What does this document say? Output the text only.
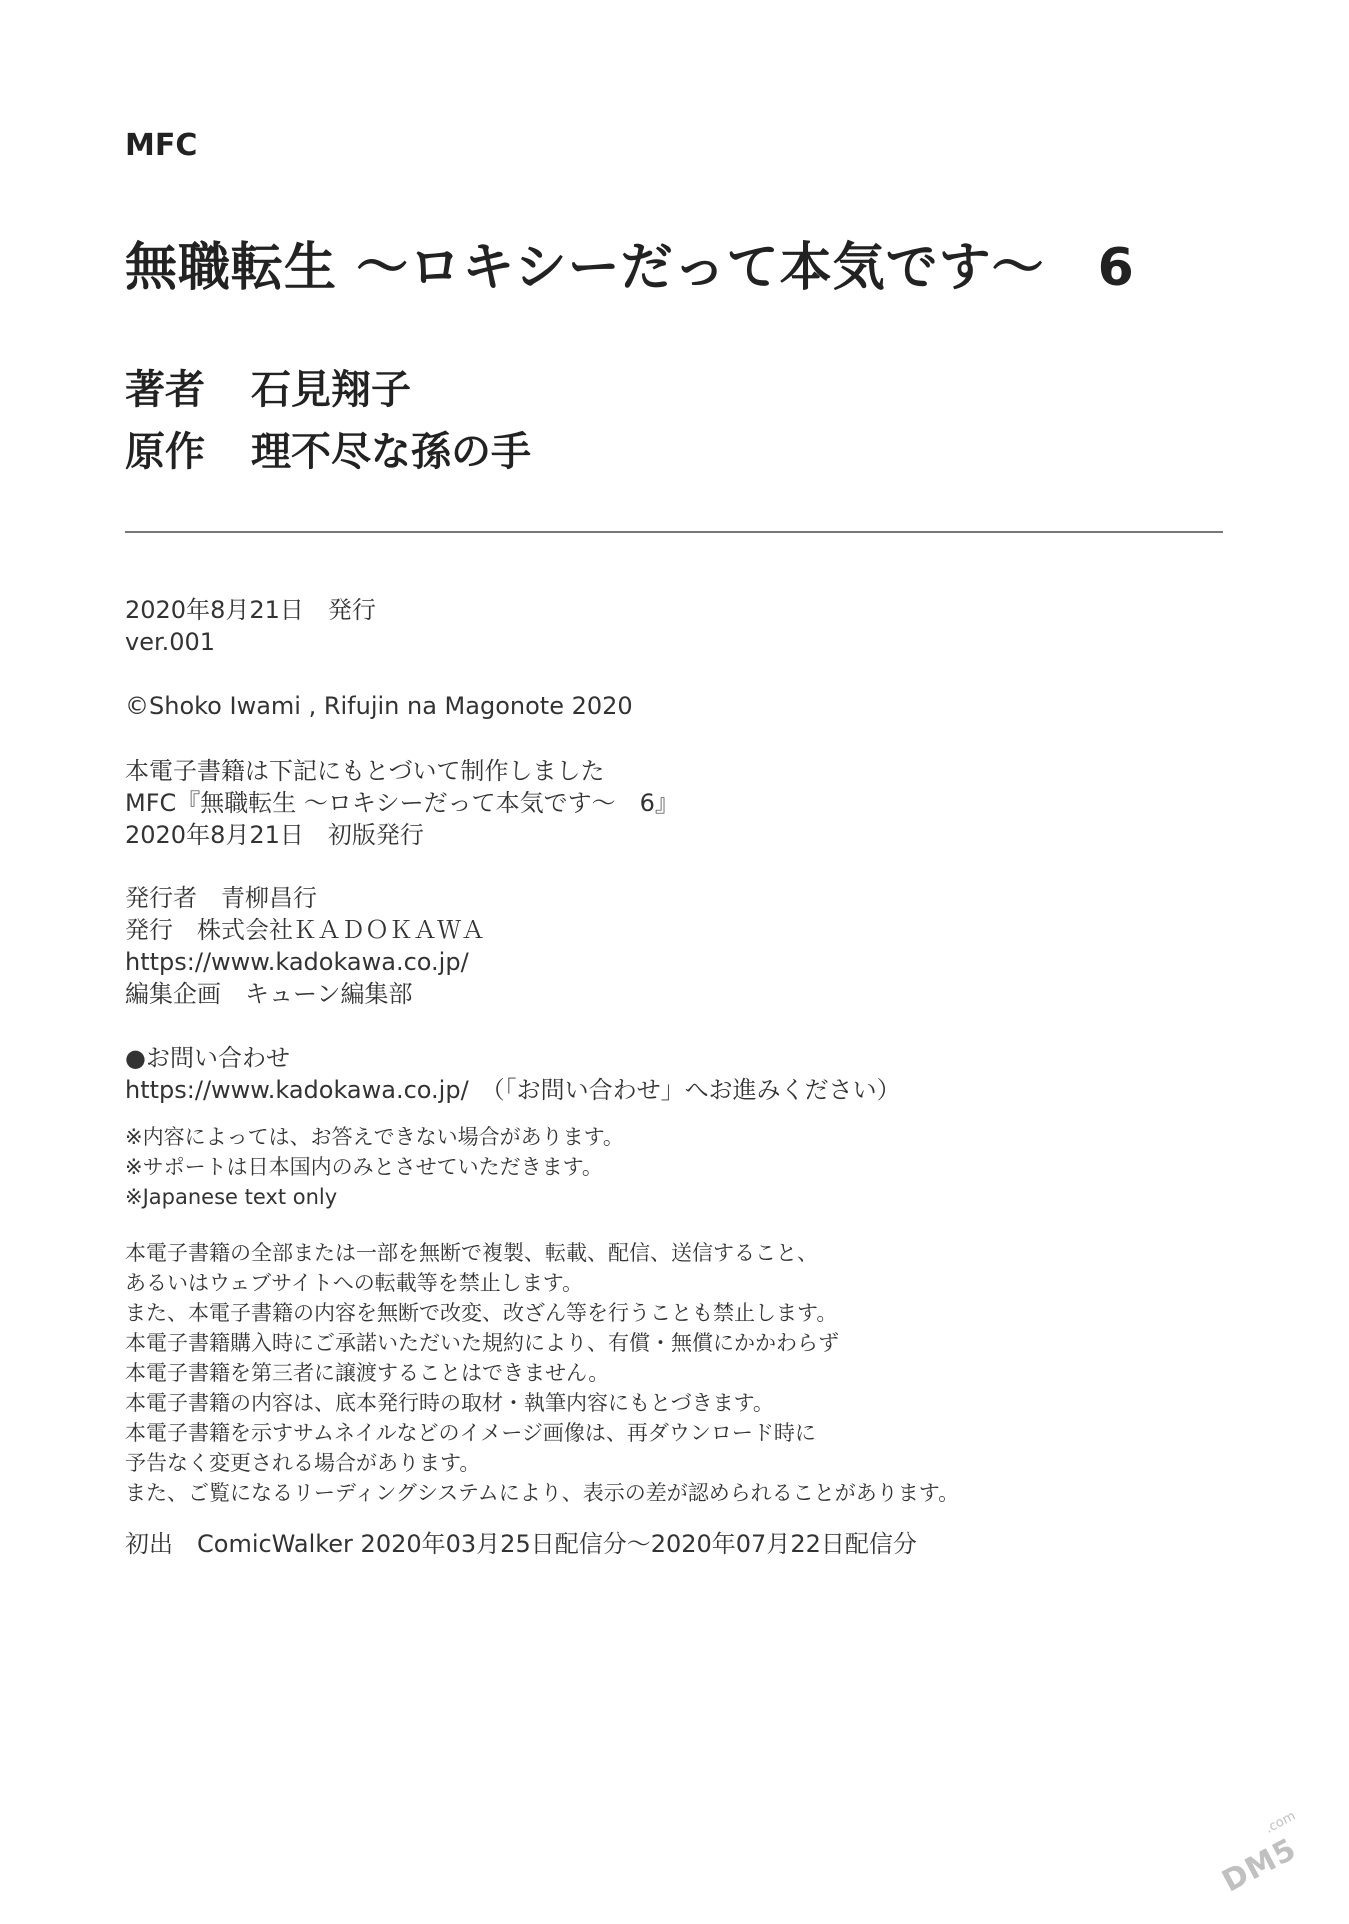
MFC
無職転生 ～ロキシーだって本気です～　6
著者 石見翔子
原作 理不尽な孫の手
2020年8月21日　発行
ver.001
©Shoko Iwami , Rifujin na Magonote 2020
本電子書籍は下記にもとづいて制作しました
MFC『無職転生 ～ロキシーだって本気です～　6』
2020年8月21日　初版発行
発行者　青柳昌行
発行　株式会社ＫＡＤＯＫＡＷＡ
https://www.kadokawa.co.jp/
編集企画　キューン編集部
●お問い合わせ
https://www.kadokawa.co.jp/　（「お問い合わせ」へお進みください）
※内容によっては、お答えできない場合があります。
※サポートは日本国内のみとさせていただきます。
※Japanese text only
本電子書籍の全部または一部を無断で複製、転載、配信、送信すること、
あるいはウェブサイトへの転載等を禁止します。
また、本電子書籍の内容を無断で改変、改ざん等を行うことも禁止します。
本電子書籍購入時にご承諾いただいた規約により、有償・無償にかかわらず
本電子書籍を第三者に譲渡することはできません。
本電子書籍の内容は、底本発行時の取材・執筆内容にもとづきます。
本電子書籍を示すサムネイルなどのイメージ画像は、再ダウンロード時に
予告なく変更される場合があります。
また、ご覧になるリーディングシステムにより、表示の差が認められることがあります。
初出　ComicWalker 2020年03月25日配信分～2020年07月22日配信分
.com
DM5
